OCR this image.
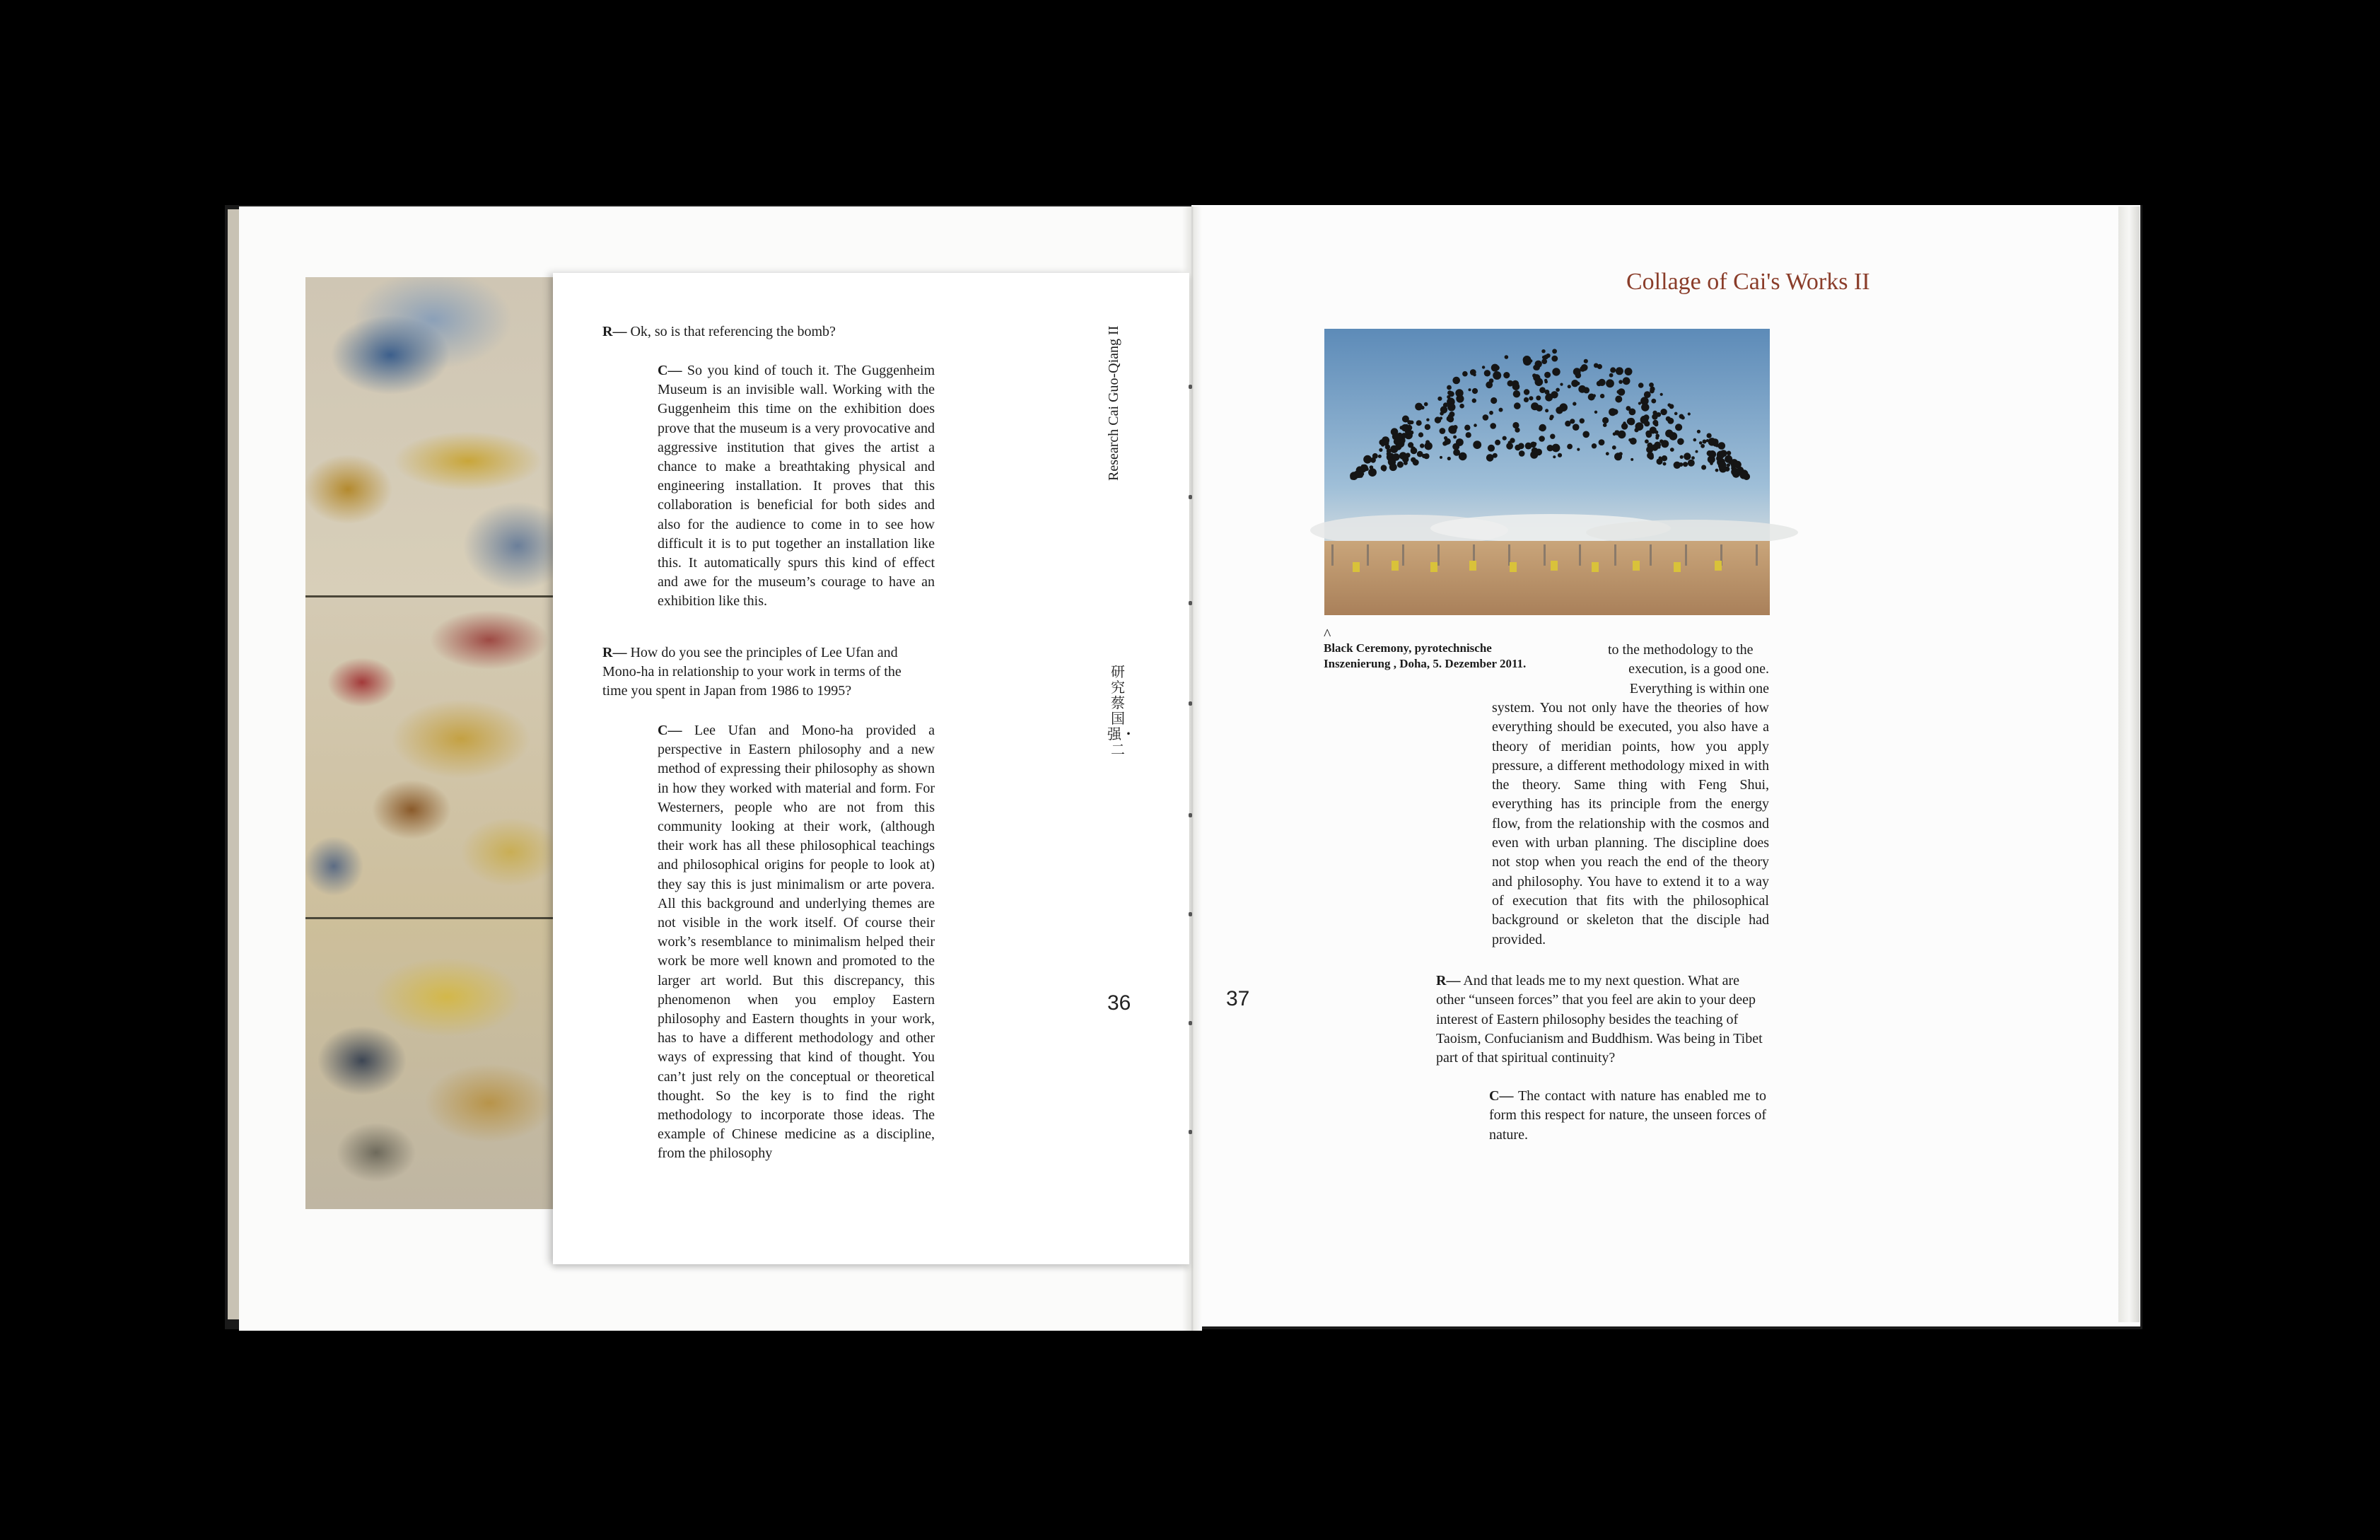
R— Ok, so is that referencing the bomb?
C— So you kind of touch it. The Guggenheim Museum is an invisible wall. Working with the Guggenheim this time on the exhibition does prove that the museum is a very provocative and aggressive institution that gives the artist a chance to make a breathtaking physical and engineering installation. It proves that this collaboration is beneficial for both sides and also for the audience to come in to see how difficult it is to put together an installation like this. It automatically spurs this kind of effect and awe for the museum’s courage to have an exhibition like this.
R— How do you see the principles of Lee Ufan and Mono-ha in relationship to your work in terms of the time you spent in Japan from 1986 to 1995?
C— Lee Ufan and Mono-ha provided a perspective in Eastern philosophy and a new method of expressing their philosophy as shown in how they worked with material and form. For Westerners, people who are not from this community looking at their work, (although their work has all these philosophical teachings and philosophical origins for people to look at) they say this is just minimalism or arte povera. All this background and underlying themes are not visible in the work itself. Of course their work’s resemblance to minimalism helped their work be more well known and promoted to the larger art world. But this discrepancy, this phenomenon when you employ Eastern philosophy and Eastern thoughts in your work, has to have a different methodology and other ways of expressing that kind of thought. You can’t just rely on the conceptual or theoretical thought. So the key is to find the right methodology to incorporate those ideas. The example of Chinese medicine as a discipline, from the philosophy
Research Cai Guo-Qiang II
研究蔡国强・二
36	37
Collage of Cai's Works II
^
Black Ceremony, pyrotechnische Inszenierung , Doha, 5. Dezember 2011.
to the methodology to the
execution, is a good one.
Everything is within one
system. You not only have the theories of how everything should be executed, you also have a theory of meridian points, how you apply pressure, a different methodology mixed in with the theory. Same thing with Feng Shui, everything has its principle from the energy flow, from the relationship with the cosmos and even with urban planning. The discipline does not stop when you reach the end of the theory and philosophy. You have to extend it to a way of execution that fits with the philosophical background or skeleton that the disciple had provided.
R— And that leads me to my next question. What are other “unseen forces” that you feel are akin to your deep interest of Eastern philosophy besides the teaching of Taoism, Confucianism and Buddhism. Was being in Tibet part of that spiritual continuity?
C— The contact with nature has enabled me to form this respect for nature, the unseen forces of nature.
